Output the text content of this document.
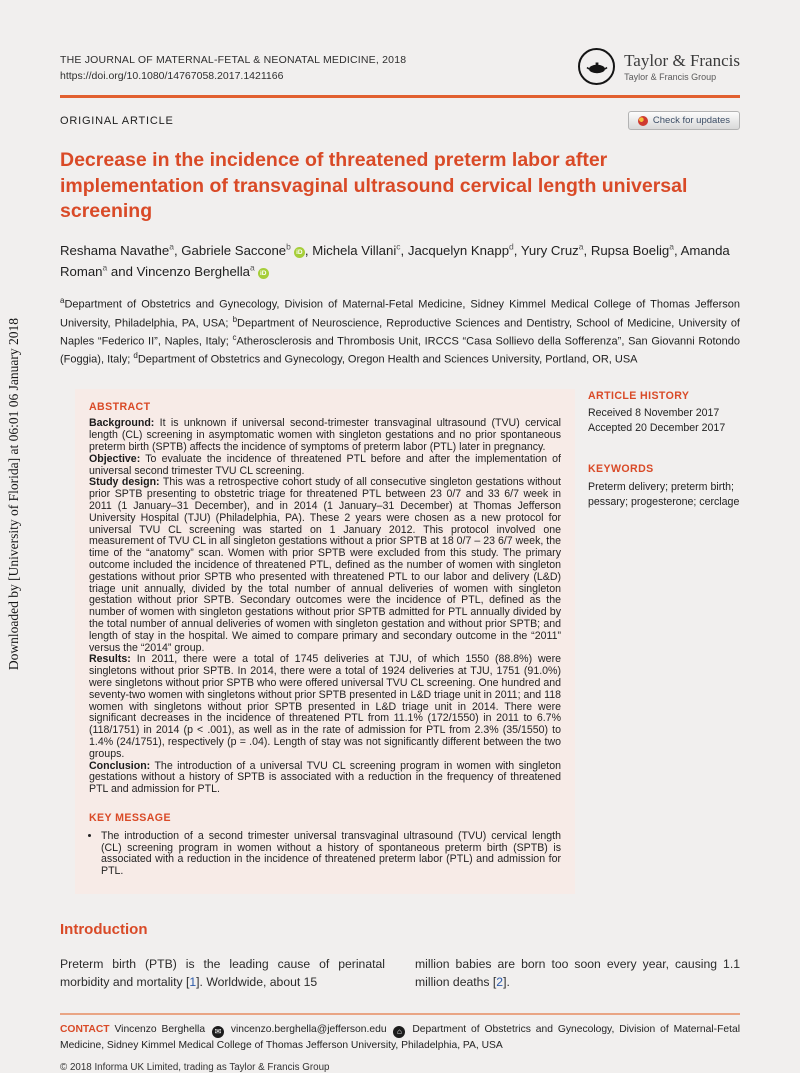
Downloaded by [University of Florida] at 06:01 06 January 2018
THE JOURNAL OF MATERNAL-FETAL & NEONATAL MEDICINE, 2018
https://doi.org/10.1080/14767058.2017.1421166
Taylor & Francis
Taylor & Francis Group
ORIGINAL ARTICLE	Check for updates
Decrease in the incidence of threatened preterm labor after implementation of transvaginal ultrasound cervical length universal screening

Reshama Navathe$^a$, Gabriele Saccone$^b$iD , Michela Villani$^c$, Jacquelyn Knapp$^d$, Yury Cruz$^a$, Rupsa Boelig$^a$, Amanda Roman$^a$ and Vincenzo Berghella$^a$iD

$^a$Department of Obstetrics and Gynecology, Division of Maternal-Fetal Medicine, Sidney Kimmel Medical College of Thomas Jefferson University, Philadelphia, PA, USA; $^b$Department of Neuroscience, Reproductive Sciences and Dentistry, School of Medicine, University of Naples “Federico II”, Naples, Italy; $^c$Atherosclerosis and Thrombosis Unit, IRCCS “Casa Sollievo della Sofferenza”, San Giovanni Rotondo (Foggia), Italy; $^d$Department of Obstetrics and Gynecology, Oregon Health and Sciences University, Portland, OR, USA

ABSTRACT
Background: It is unknown if universal second-trimester transvaginal ultrasound (TVU) cervical length (CL) screening in asymptomatic women with singleton gestations and no prior spontaneous preterm birth (SPTB) affects the incidence of symptoms of preterm labor (PTL) later in pregnancy.
Objective: To evaluate the incidence of threatened PTL before and after the implementation of universal second trimester TVU CL screening.
Study design: This was a retrospective cohort study of all consecutive singleton gestations without prior SPTB presenting to obstetric triage for threatened PTL between 23 0/7 and 33 6/7 week in 2011 (1 January–31 December), and in 2014 (1 January–31 December) at Thomas Jefferson University Hospital (TJU) (Philadelphia, PA). These 2 years were chosen as a new protocol for universal TVU CL screening was started on 1 January 2012. This protocol involved one measurement of TVU CL in all singleton gestations without a prior SPTB at 18 0/7 – 23 6/7 week, the time of the “anatomy” scan. Women with prior SPTB were excluded from this study. The primary outcome included the incidence of threatened PTL, defined as the number of women with singleton gestations without prior SPTB who presented with threatened PTL to our labor and delivery (L&D) triage unit annually, divided by the total number of annual deliveries of women with singleton gestation without prior SPTB. Secondary outcomes were the incidence of PTL, defined as the number of women with singleton gestations without prior SPTB admitted for PTL annually divided by the total number of annual deliveries of women with singleton gestation and without prior SPTB; and length of stay in the hospital. We aimed to compare primary and secondary outcome in the “2011” versus the “2014” group.
Results: In 2011, there were a total of 1745 deliveries at TJU, of which 1550 (88.8%) were singletons without prior SPTB. In 2014, there were a total of 1924 deliveries at TJU, 1751 (91.0%) were singletons without prior SPTB who were offered universal TVU CL screening. One hundred and seventy-two women with singletons without prior SPTB presented in L&D triage unit in 2011; and 118 women with singletons without prior SPTB presented in L&D triage unit in 2014. There were significant decreases in the incidence of threatened PTL from 11.1% (172/1550) in 2011 to 6.7% (118/1751) in 2014 (p < .001), as well as in the rate of admission for PTL from 2.3% (35/1550) to 1.4% (24/1751), respectively (p = .04). Length of stay was not significantly different between the two groups.
Conclusion: The introduction of a universal TVU CL screening program in women with singleton gestations without a history of SPTB is associated with a reduction in the frequency of threatened PTL and admission for PTL.
KEY MESSAGE
• The introduction of a second trimester universal transvaginal ultrasound (TVU) cervical length (CL) screening program in women without a history of spontaneous preterm birth (SPTB) is associated with a reduction in the incidence of threatened preterm labor (PTL) and admission for PTL.
ARTICLE HISTORY
Received 8 November 2017
Accepted 20 December 2017
KEYWORDS
Preterm delivery; preterm birth; pessary; progesterone; cerclage
Introduction

Preterm birth (PTB) is the leading cause of perinatal morbidity and mortality [1]. Worldwide, about 15

million babies are born too soon every year, causing 1.1 million deaths [2].

CONTACT Vincenzo Berghella ✉ vincenzo.berghella@jefferson.edu ⌂ Department of Obstetrics and Gynecology, Division of Maternal-Fetal Medicine, Sidney Kimmel Medical College of Thomas Jefferson University, Philadelphia, PA, USA

© 2018 Informa UK Limited, trading as Taylor & Francis Group
